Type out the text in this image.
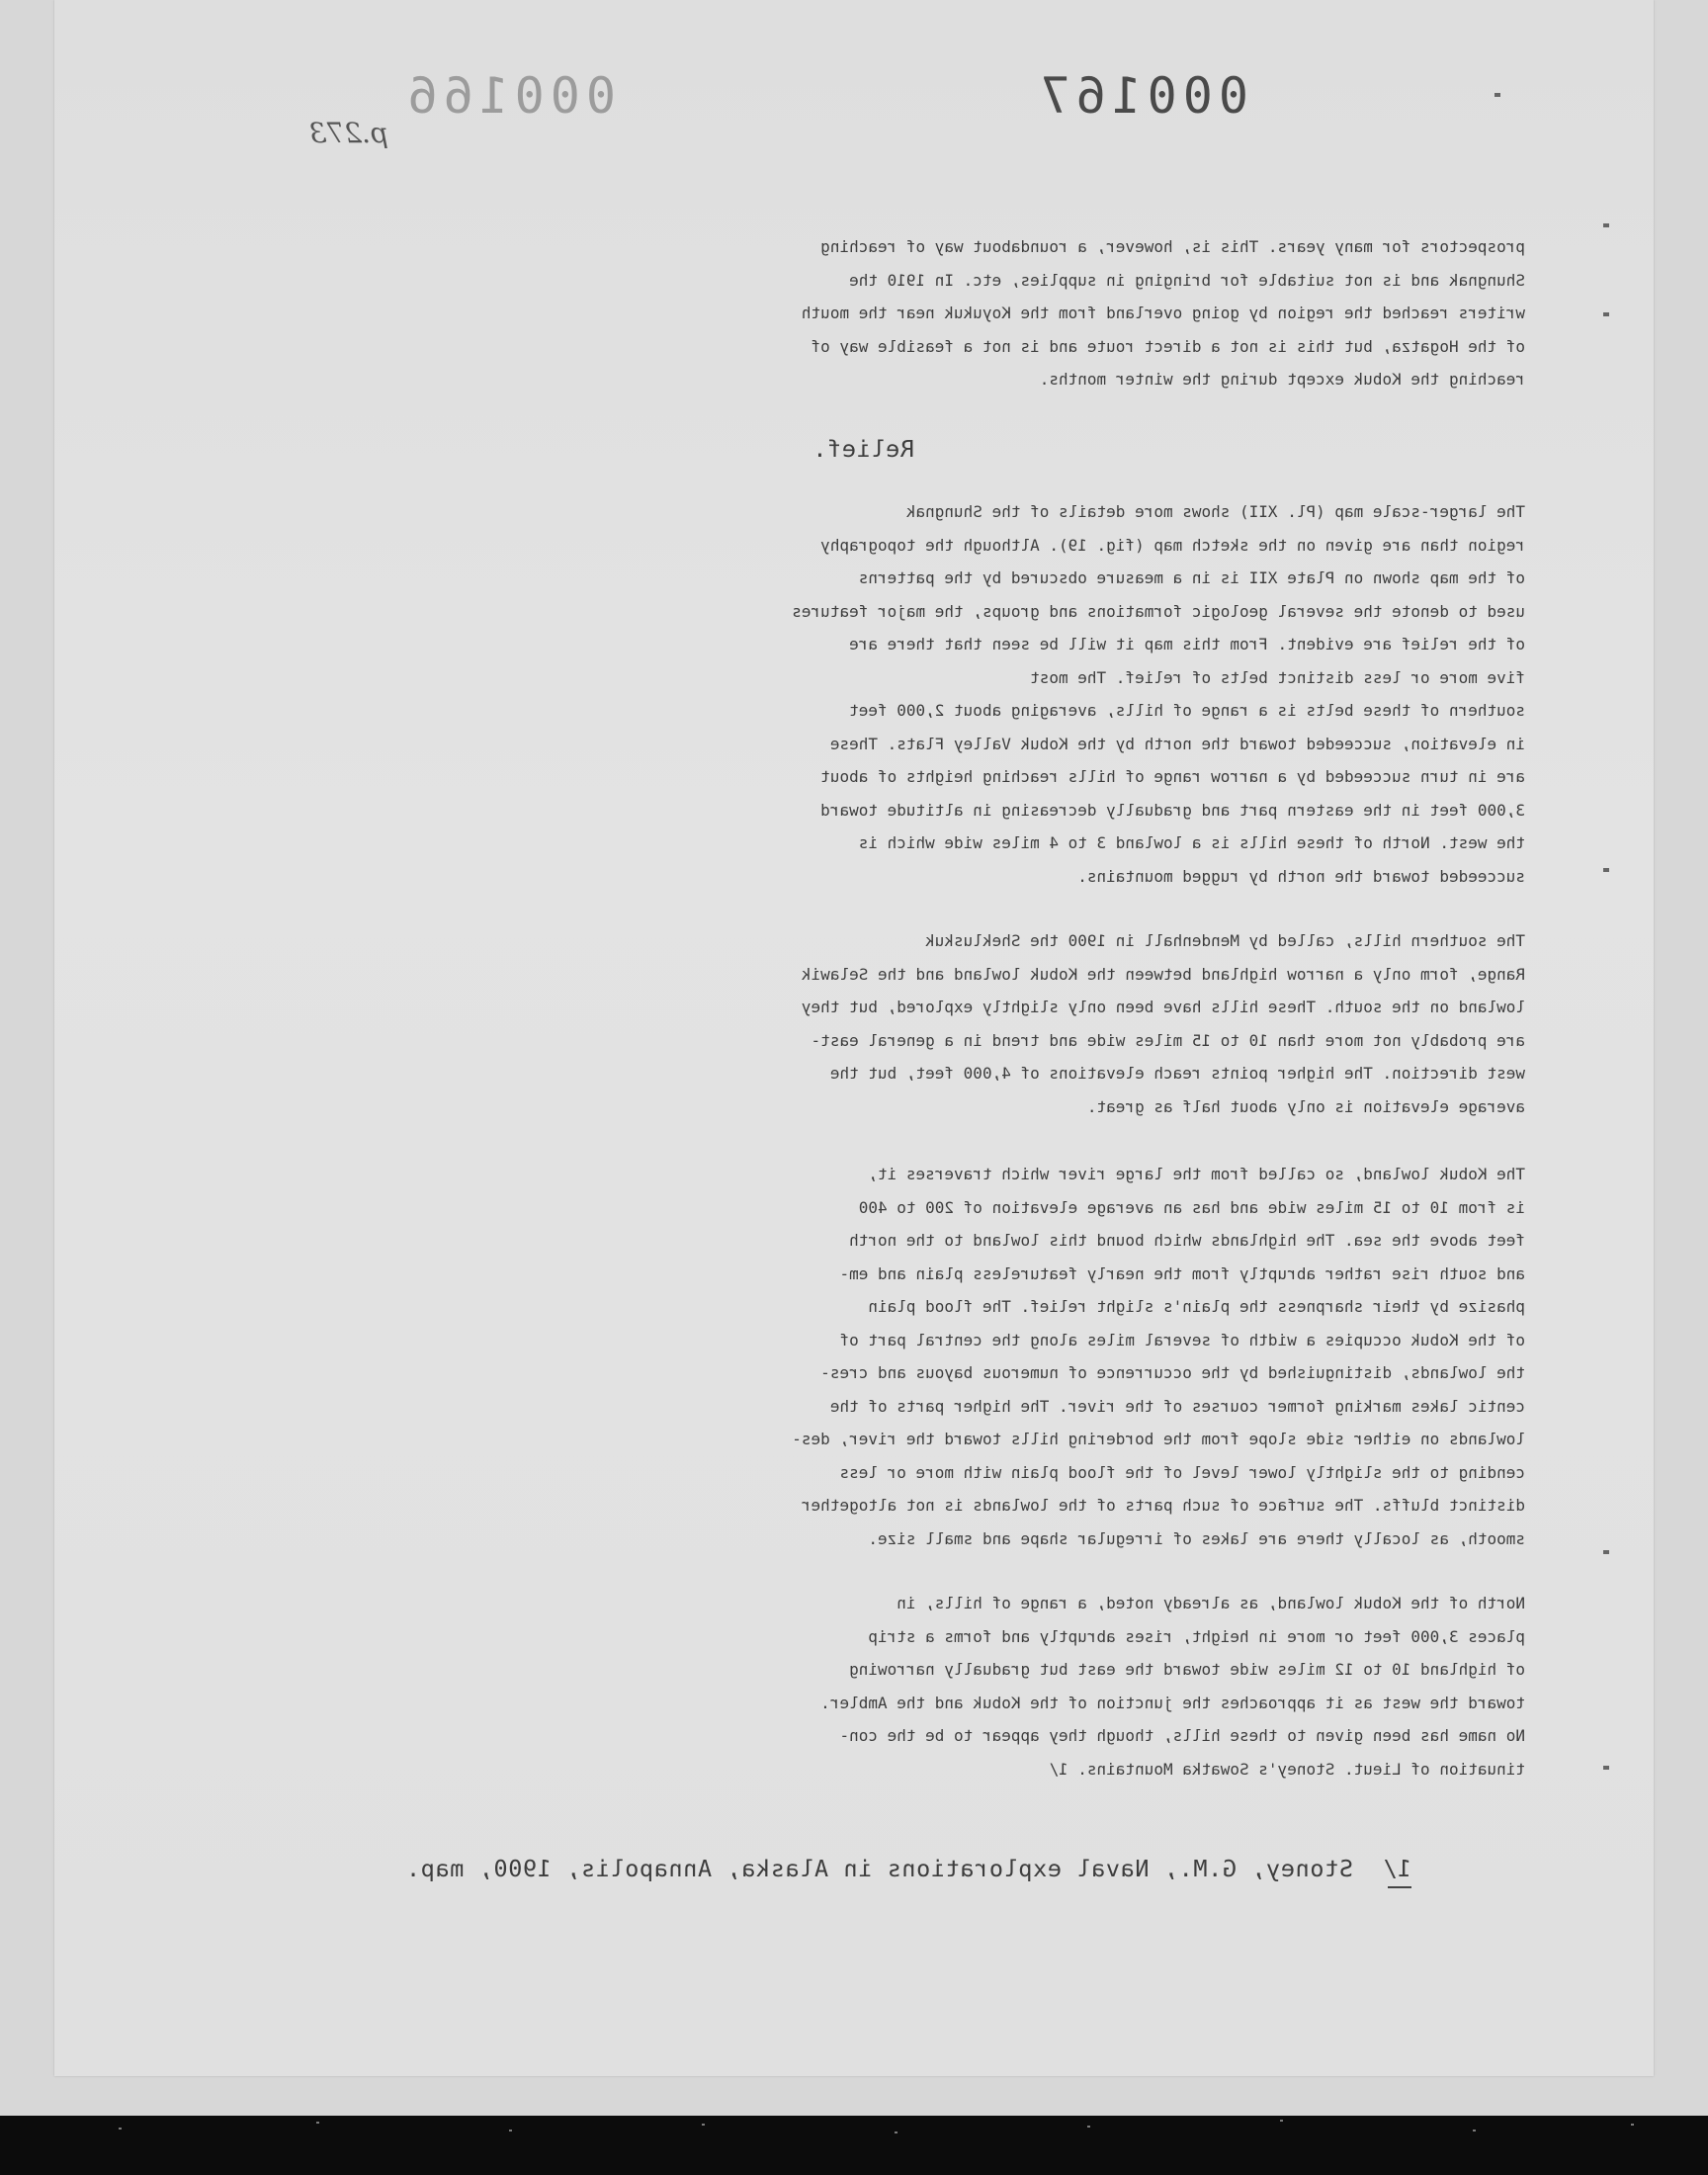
000167
000166
p.273
prospectors for many years. This is, however, a roundabout way of reaching
Shungnak and is not suitable for bringing in supplies, etc. In 1910 the
writers reached the region by going overland from the Koyukuk near the mouth
of the Hogatza, but this is not a direct route and is not a feasible way of
reaching the Kobuk except during the winter months.
Relief.
The larger-scale map (Pl. XII) shows more details of the Shungnak
region than are given on the sketch map (fig. 19). Although the topography
of the map shown on Plate XII is in a measure obscured by the patterns
used to denote the several geologic formations and groups, the major features
of the relief are evident. From this map it will be seen that there are
five more or less distinct belts of relief. The most
southern of these belts is a range of hills, averaging about 2,000 feet
in elevation, succeeded toward the north by the Kobuk Valley Flats. These
are in turn succeeded by a narrow range of hills reaching heights of about
3,000 feet in the eastern part and gradually decreasing in altitude toward
the west. North of these hills is a lowland 3 to 4 miles wide which is
succeeded toward the north by rugged mountains.
The southern hills, called by Mendenhall in 1900 the Shekluskuk
Range, form only a narrow highland between the Kobuk lowland and the Selawik
lowland on the south. These hills have been only slightly explored, but they
are probably not more than 10 to 15 miles wide and trend in a general east-
west direction. The higher points reach elevations of 4,000 feet, but the
average elevation is only about half as great.
The Kobuk lowland, so called from the large river which traverses it,
is from 10 to 15 miles wide and has an average elevation of 200 to 400
feet above the sea. The highlands which bound this lowland to the north
and south rise rather abruptly from the nearly featureless plain and em-
phasize by their sharpness the plain's slight relief. The flood plain
of the Kobuk occupies a width of several miles along the central part of
the lowlands, distinguished by the occurrence of numerous bayous and cres-
centic lakes marking former courses of the river. The higher parts of the
lowlands on either side slope from the bordering hills toward the river, des-
cending to the slightly lower level of the flood plain with more or less
distinct bluffs. The surface of such parts of the lowlands is not altogether
smooth, as locally there are lakes of irregular shape and small size.
North of the Kobuk lowland, as already noted, a range of hills, in
places 3,000 feet or more in height, rises abruptly and forms a strip
of highland 10 to 12 miles wide toward the east but gradually narrowing
toward the west as it approaches the junction of the Kobuk and the Ambler.
No name has been given to these hills, though they appear to be the con-
tinuation of Lieut. Stoney's Sowatka Mountains. 1/
1/  Stoney, G.M., Naval explorations in Alaska, Annapolis, 1900, map.
